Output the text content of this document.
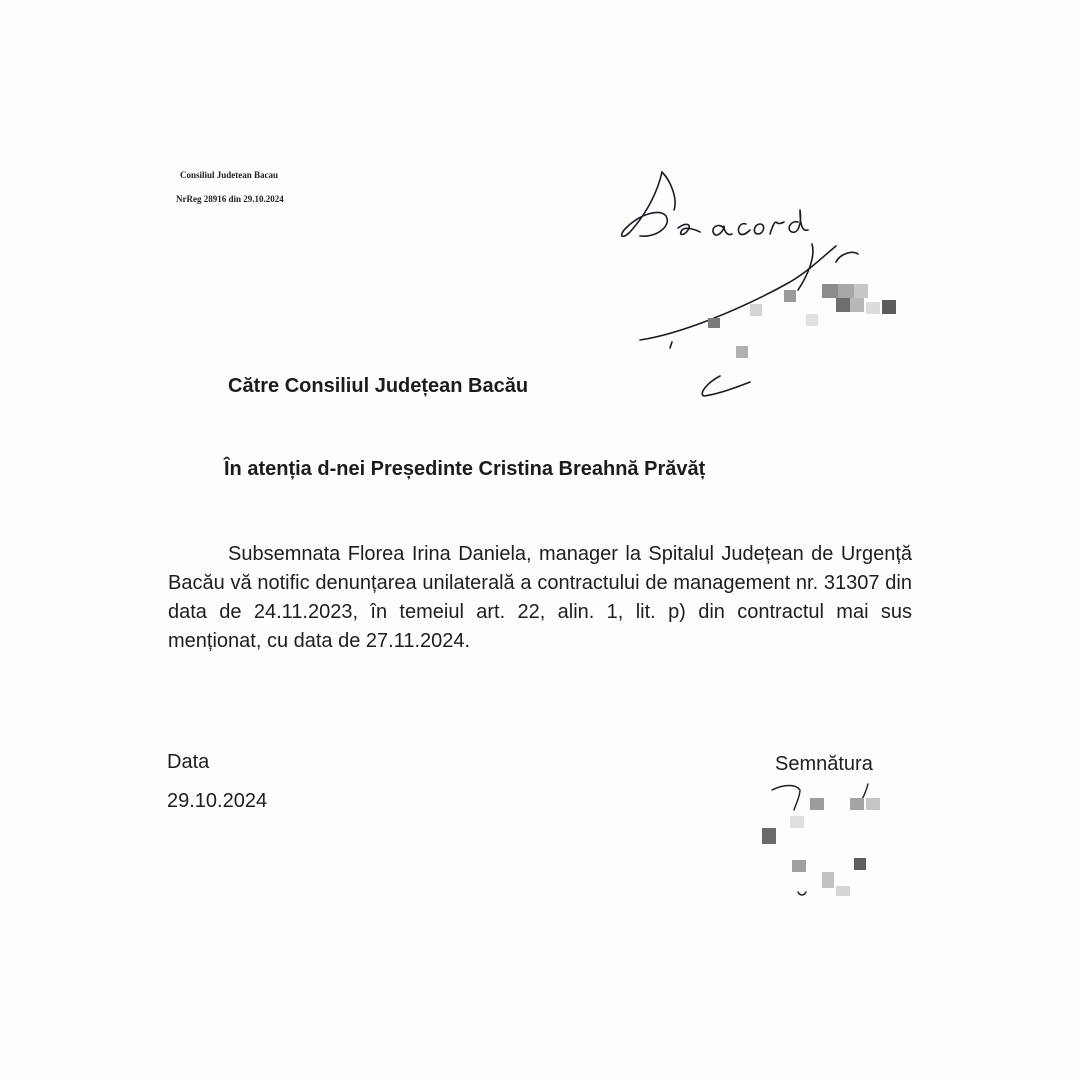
Consiliul Judetean Bacau
NrReg 28916 din 29.10.2024
Către Consiliul Județean Bacău
În atenția d-nei Președinte Cristina Breahnă Prăvăț

Subsemnata Florea Irina Daniela, manager la Spitalul Județean de Urgență Bacău vă notific denunțarea unilaterală a contractului de management nr. 31307 din data de 24.11.2023, în temeiul art. 22, alin. 1, lit. p) din contractul mai sus menționat, cu data de 27.11.2024.

Data
29.10.2024
Semnătura
